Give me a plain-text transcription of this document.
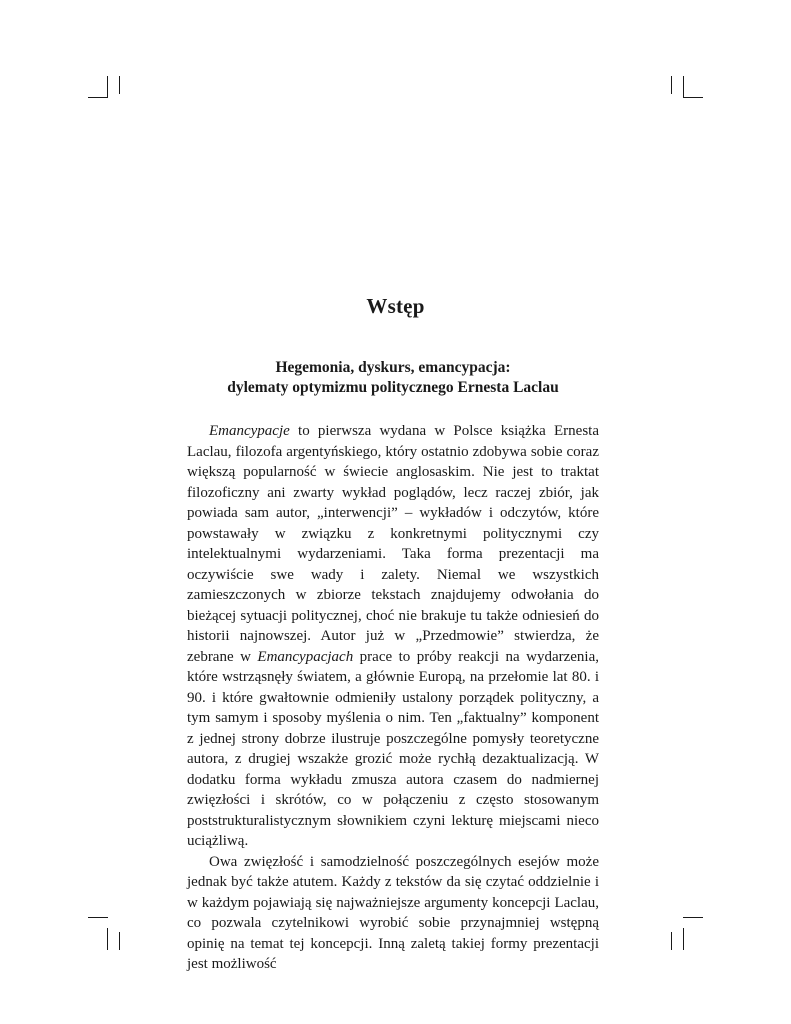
Wstęp
Hegemonia, dyskurs, emancypacja:
dylematy optymizmu politycznego Ernesta Laclau

Emancypacje to pierwsza wydana w Polsce książka Ernesta Laclau, filozofa argentyńskiego, który ostatnio zdobywa sobie coraz większą popularność w świecie anglosaskim. Nie jest to traktat filozoficzny ani zwarty wykład poglądów, lecz raczej zbiór, jak powiada sam autor, „interwencji” – wykładów i odczytów, które powstawały w związku z konkretnymi politycznymi czy intelektualnymi wydarzeniami. Taka forma prezentacji ma oczywiście swe wady i zalety. Niemal we wszystkich zamieszczonych w zbiorze tekstach znajdujemy odwołania do bieżącej sytuacji politycznej, choć nie brakuje tu także odniesień do historii najnowszej. Autor już w „Przedmowie” stwierdza, że zebrane w Emancypacjach prace to próby reakcji na wydarzenia, które wstrząsnęły światem, a głównie Europą, na przełomie lat 80. i 90. i które gwałtownie odmieniły ustalony porządek polityczny, a tym samym i sposoby myślenia o nim. Ten „faktualny” komponent z jednej strony dobrze ilustruje poszczególne pomysły teoretyczne autora, z drugiej wszakże grozić może rychłą dezaktualizacją. W dodatku forma wykładu zmusza autora czasem do nadmiernej zwięzłości i skrótów, co w połączeniu z często stosowanym poststrukturalistycznym słownikiem czyni lekturę miejscami nieco uciążliwą.

Owa zwięzłość i samodzielność poszczególnych esejów może jednak być także atutem. Każdy z tekstów da się czytać oddzielnie i w każdym pojawiają się najważniejsze argumenty koncepcji Laclau, co pozwala czytelnikowi wyrobić sobie przynajmniej wstępną opinię na temat tej koncepcji. Inną zaletą takiej formy prezentacji jest możliwość
